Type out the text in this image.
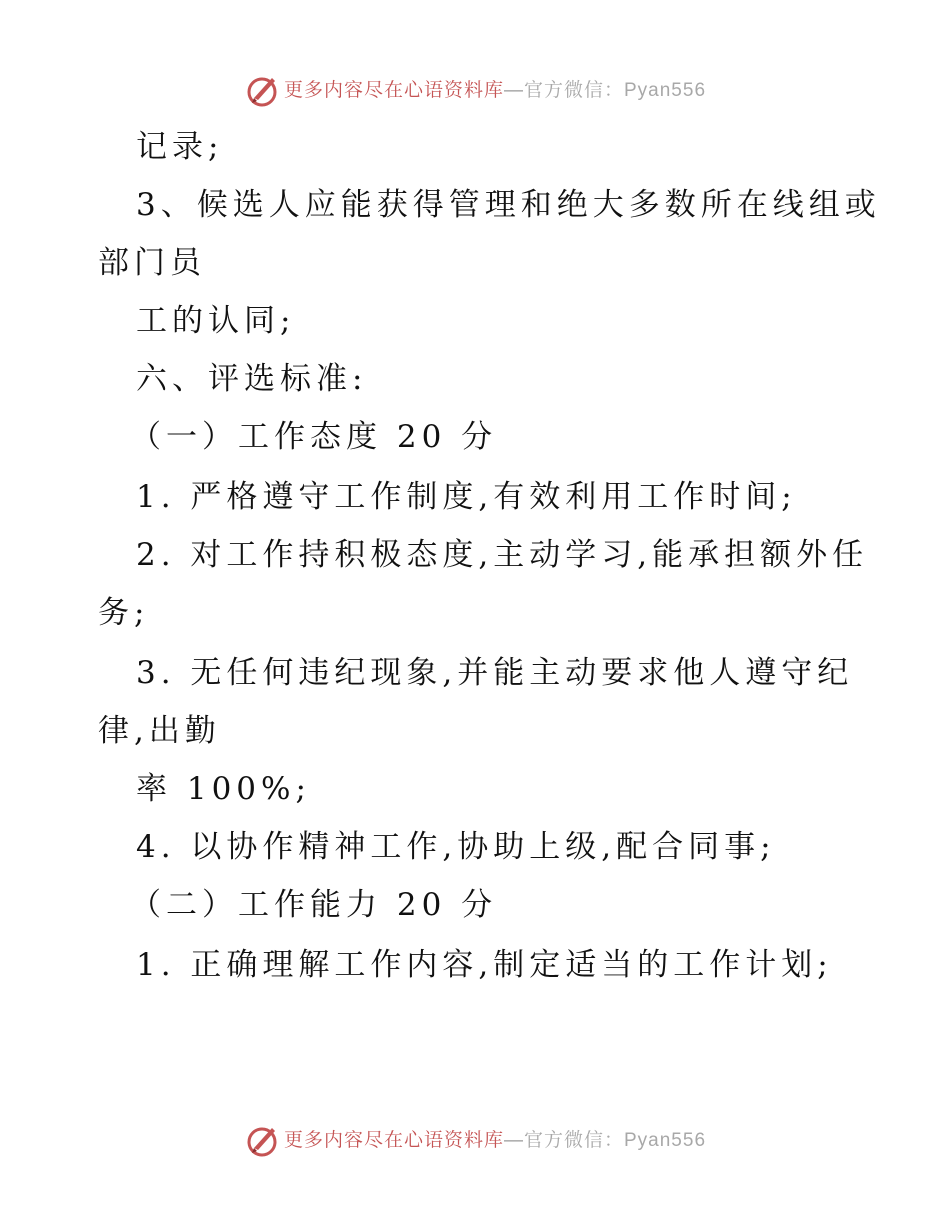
更多内容尽在心语资料库 — 官方微信：Pyan556
记录;
3、候选人应能获得管理和绝大多数所在线组或
部门员
工的认同;
六、评选标准:
（一）工作态度 20 分
1. 严格遵守工作制度,有效利用工作时间;
2. 对工作持积极态度,主动学习,能承担额外任
务;
3. 无任何违纪现象,并能主动要求他人遵守纪
律,出勤
率 100%;
4. 以协作精神工作,协助上级,配合同事;
（二）工作能力 20 分
1. 正确理解工作内容,制定适当的工作计划;
更多内容尽在心语资料库 — 官方微信：Pyan556
